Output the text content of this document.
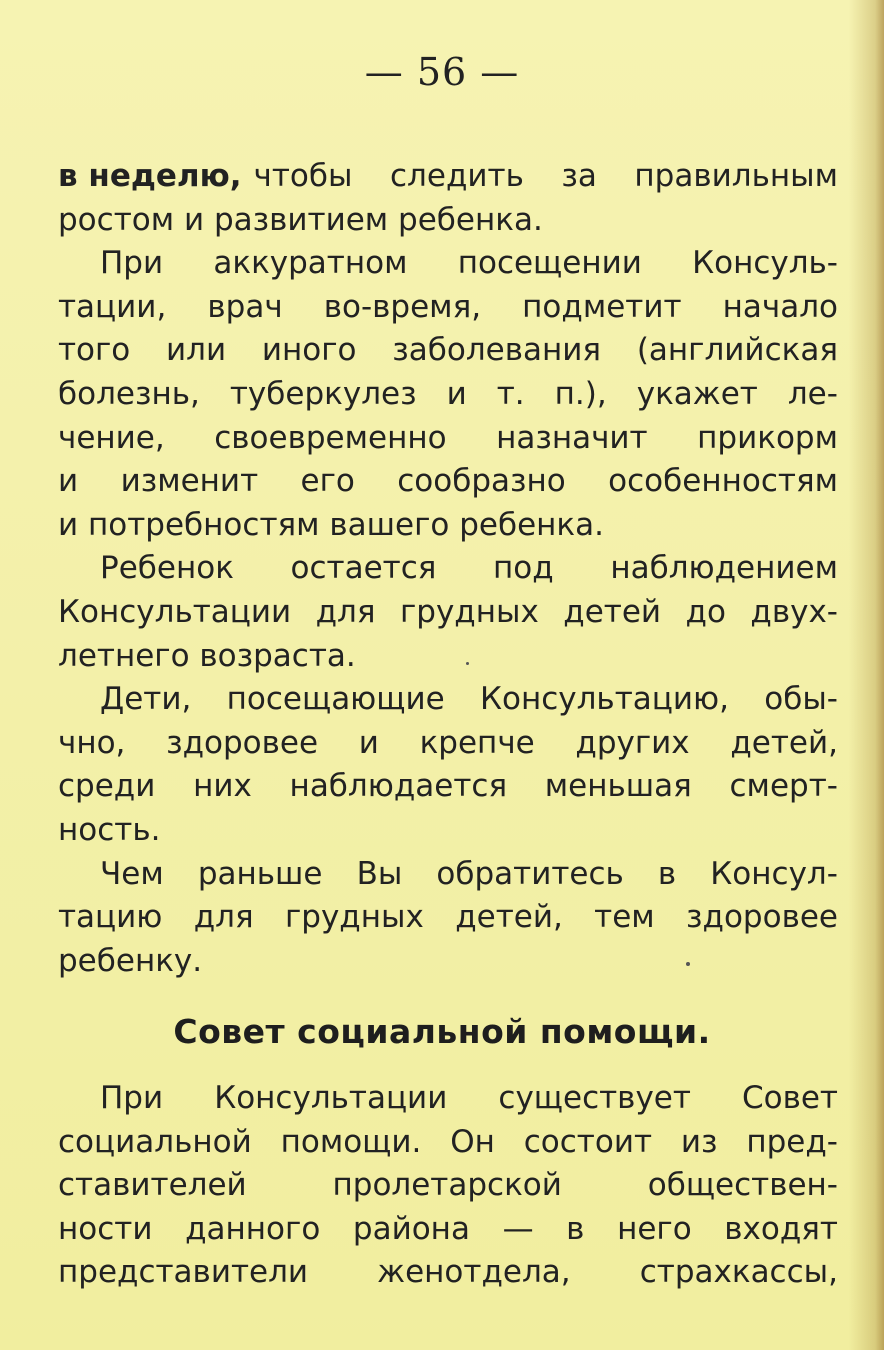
— 56 —
в неделю, чтобы следить за правильным
ростом и развитием ребенка.
При аккуратном посещении Консуль-
тации, врач во-время, подметит начало
того или иного заболевания (английская
болезнь, туберкулез и т. п.), укажет ле-
чение, своевременно назначит прикорм
и изменит его сообразно особенностям
и потребностям вашего ребенка.
Ребенок остается под наблюдением
Консультации для грудных детей до двух-
летнего возраста.
Дети, посещающие Консультацию, обы-
чно, здоровее и крепче других детей,
среди них наблюдается меньшая смерт-
ность.
Чем раньше Вы обратитесь в Консул-
тацию для грудных детей, тем здоровее
ребенку.
Совет социальной помощи.
При Консультации существует Совет
социальной помощи. Он состоит из пред-
ставителей	пролетарской	обществен-
ности данного района — в него входят
представители женотдела, страхкассы,
